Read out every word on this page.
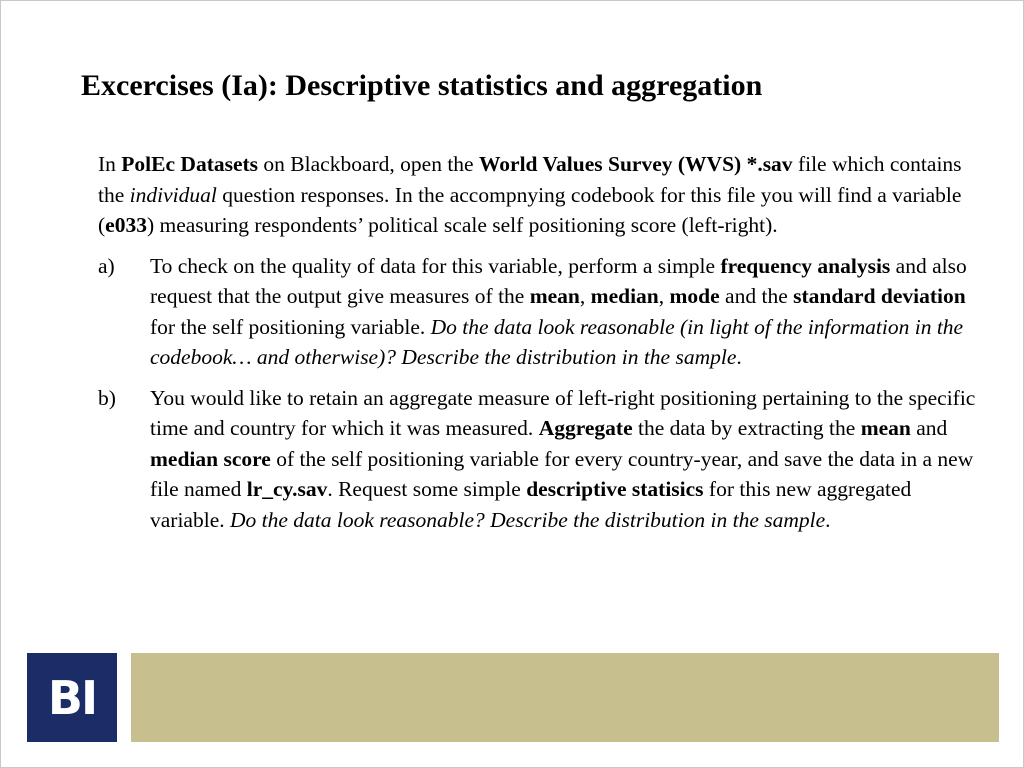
Excercises (Ia): Descriptive statistics and aggregation

In PolEc Datasets on Blackboard, open the World Values Survey (WVS) *.sav file which contains the individual question responses. In the accompnying codebook for this file you will find a variable (e033) measuring respondents’ political scale self positioning score (left-right).

a) To check on the quality of data for this variable, perform a simple frequency analysis and also request that the output give measures of the mean, median, mode and the standard deviation for the self positioning variable. Do the data look reasonable (in light of the information in the codebook… and otherwise)? Describe the distribution in the sample.
b) You would like to retain an aggregate measure of left-right positioning pertaining to the specific time and country for which it was measured. Aggregate the data by extracting the mean and median score of the self positioning variable for every country-year, and save the data in a new file named lr_cy.sav. Request some simple descriptive statisics for this new aggregated variable. Do the data look reasonable? Describe the distribution in the sample.
BI
